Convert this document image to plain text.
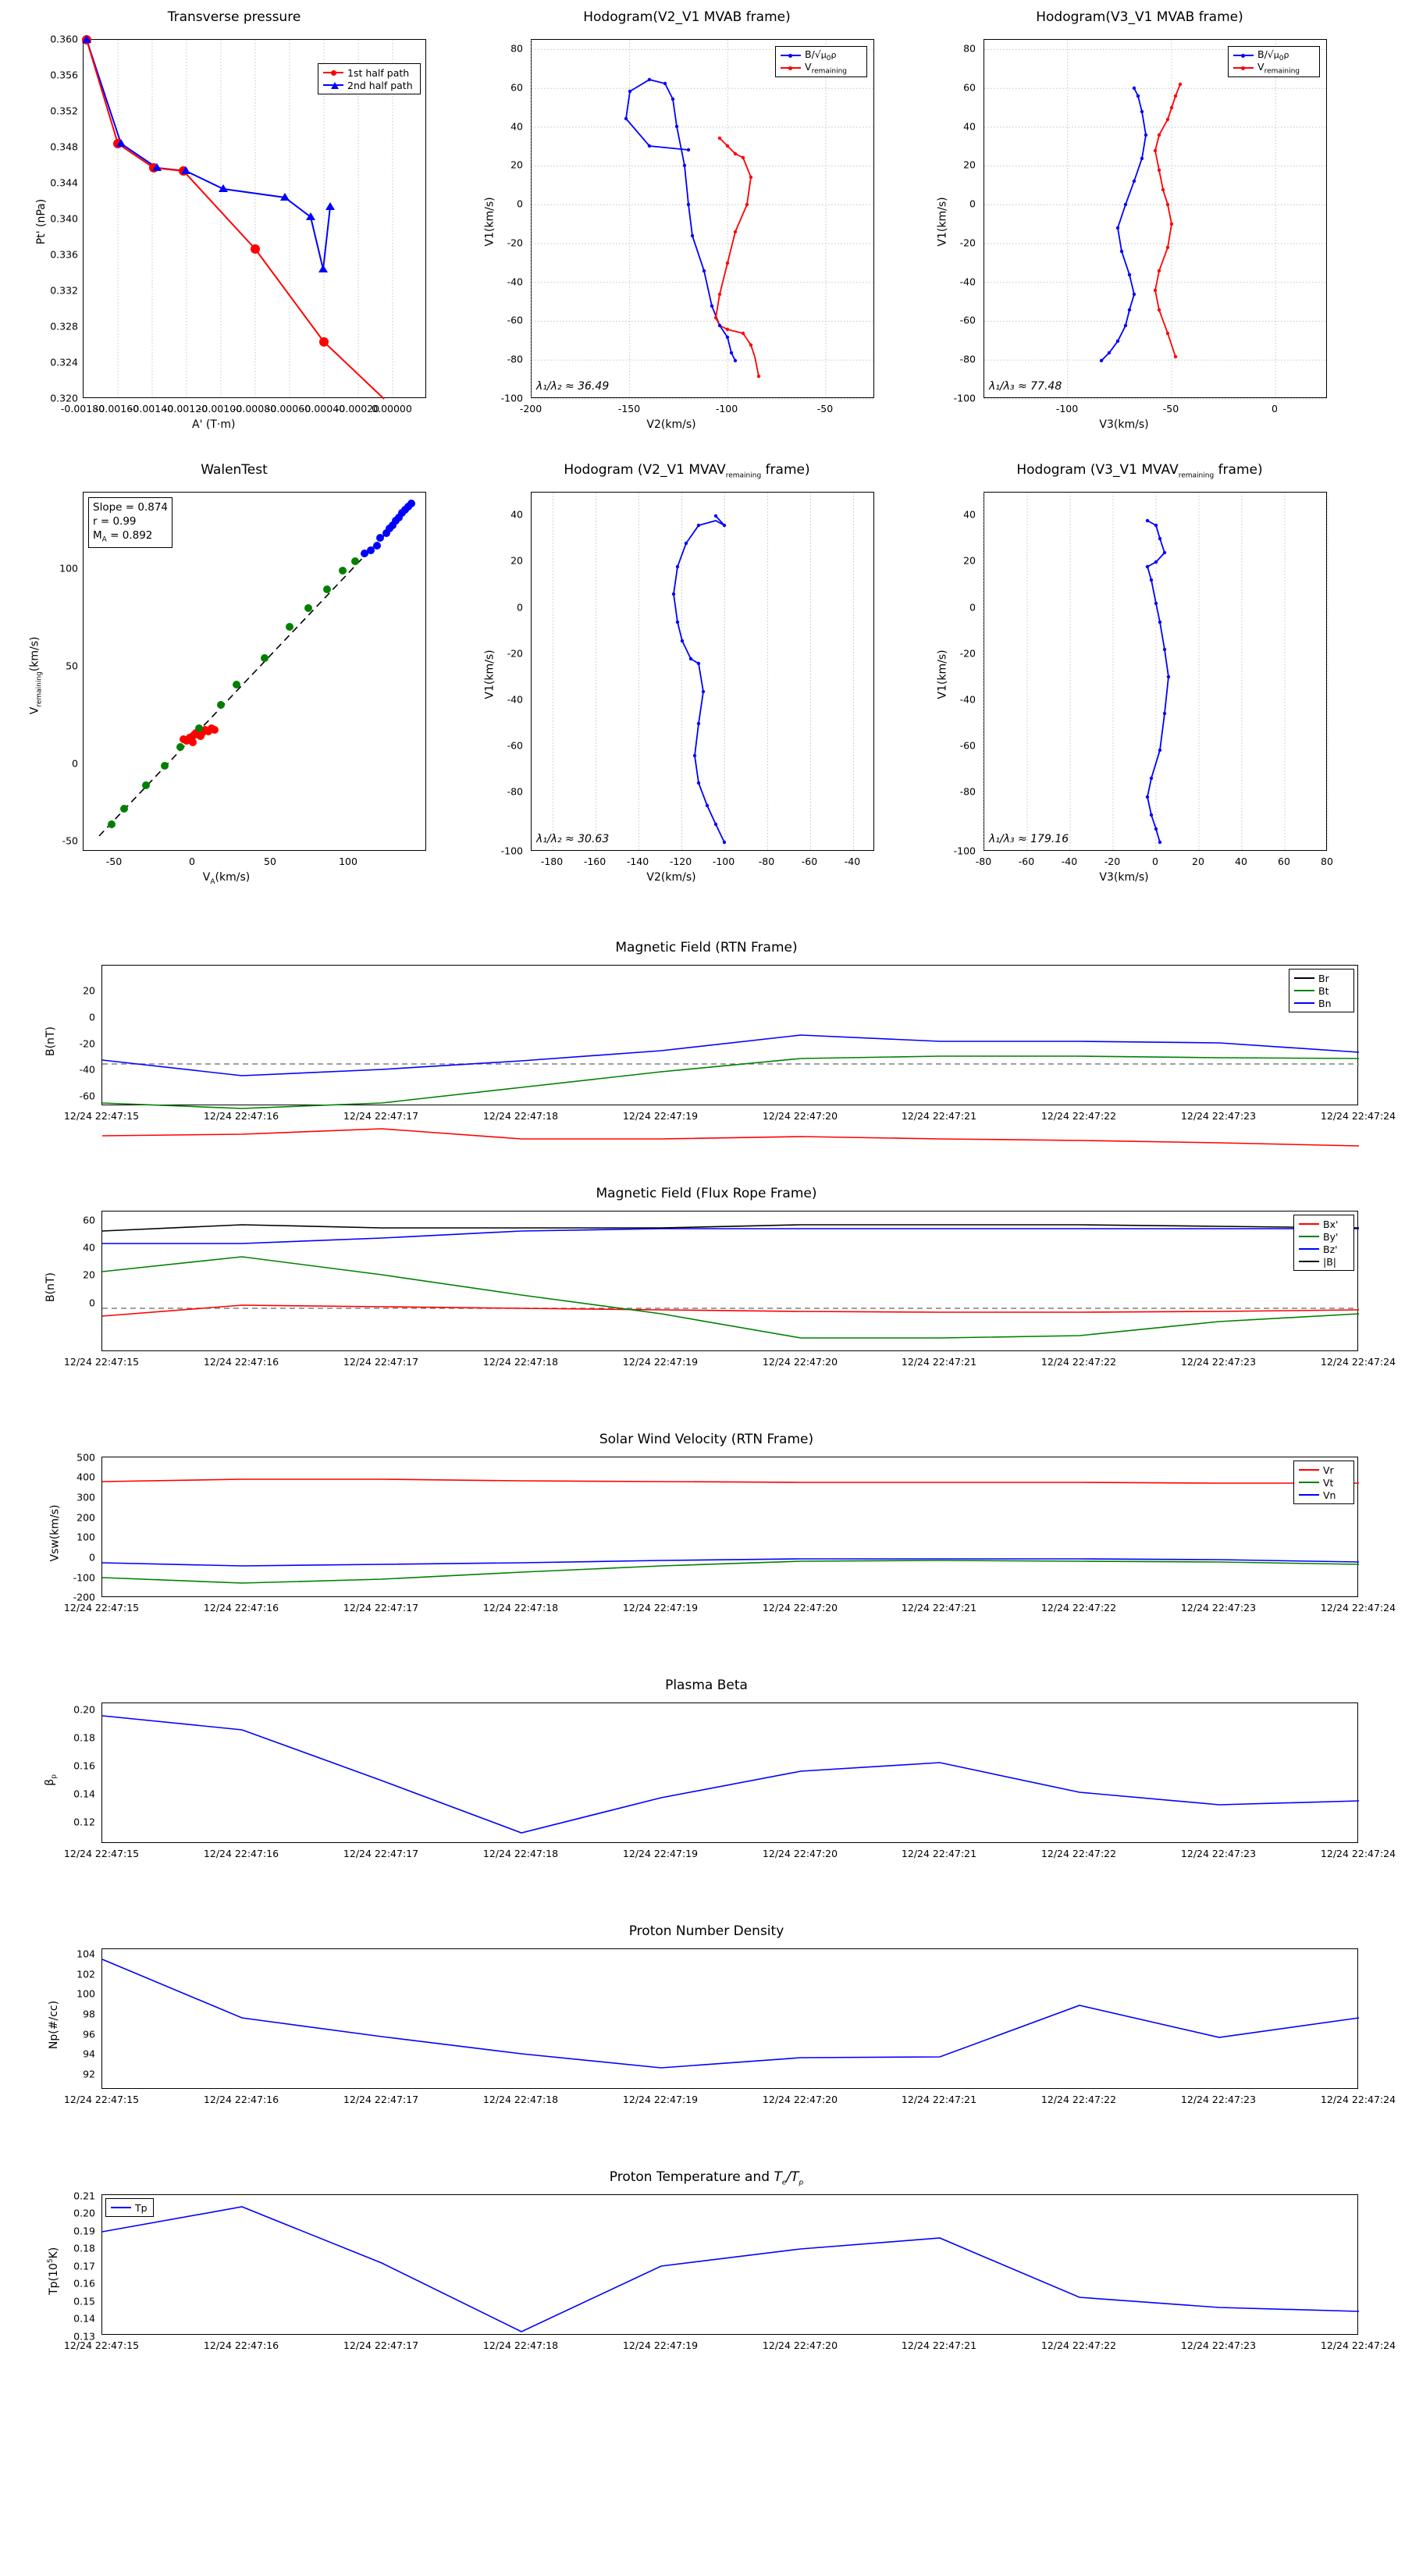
Transverse pressure
1st half path
2nd half path
0.360
0.356
0.352
0.348
0.344
0.340
0.336
0.332
0.328
0.324
0.320
-0.00180
-0.00160
-0.00140
-0.00120
-0.00100
-0.00080
-0.00060
-0.00040
-0.00020
0.00000
A' (T·m)
Pt' (nPa)
Hodogram(V2_V1 MVAB frame)
$B/√\mu_0\rho$
$V_{remaining}$
λ₁/λ₂ ≈ 36.49
80
60
40
20
0
-20
-40
-60
-80
-100
-200	-150	-100	-50
V2(km/s)
V1(km/s)
Hodogram(V3_V1 MVAB frame)
$B/√\mu_0\rho$
$V_{remaining}$
λ₁/λ₃ ≈ 77.48
80
60
40
20
0
-20
-40
-60
-80
-100
-100	-50	0
V3(km/s)
V1(km/s)
WalenTest
Slope = 0.874
r = 0.99
$M_A = 0.892$
100
50
0
-50
-50	0	50	100
$V_A(km/s)$
$V_{remaining}(km/s)$
Hodogram (V2_V1 $MVAV_{remaining}$ frame)
λ₁/λ₂ ≈ 30.63
40
20
0
-20
-40
-60
-80
-100
-180 -160 -140 -120 -100 -80	-60	-40
V2(km/s)
V1(km/s)
Hodogram (V3_V1 $MVAV_{remaining}$ frame)
λ₁/λ₃ ≈ 179.16
40
20
0
-20
-40
-60
-80
-100
-80	-60	-40	-20	0	20	40	60	80
V3(km/s)
V1(km/s)
Magnetic Field (RTN Frame)
Br
Bt
Bn
20
0
-20
-40
-60
B(nT)
12/24 22:47:15	12/24 22:47:16	12/24 22:47:17	12/24 22:47:18	12/24 22:47:19	12/24 22:47:20	12/24 22:47:21	12/24 22:47:22	12/24 22:47:23	12/24 22:47:24
Magnetic Field (Flux Rope Frame)
Bx'
By'
Bz'
|B|
60
40
20
0
B(nT)
12/24 22:47:15	12/24 22:47:16	12/24 22:47:17	12/24 22:47:18	12/24 22:47:19	12/24 22:47:20	12/24 22:47:21	12/24 22:47:22	12/24 22:47:23	12/24 22:47:24
Solar Wind Velocity (RTN Frame)
Vr
Vt
Vn
500
400
300
200
100
0
-100
-200
Vsw(km/s)
12/24 22:47:15	12/24 22:47:16	12/24 22:47:17	12/24 22:47:18	12/24 22:47:19	12/24 22:47:20	12/24 22:47:21	12/24 22:47:22	12/24 22:47:23	12/24 22:47:24
Plasma Beta
0.20
0.18
0.16
0.14
0.12
$\beta_p$
12/24 22:47:15	12/24 22:47:16	12/24 22:47:17	12/24 22:47:18	12/24 22:47:19	12/24 22:47:20	12/24 22:47:21	12/24 22:47:22	12/24 22:47:23	12/24 22:47:24
Proton Number Density
104
102
100
98
96
94
92
Np(#/cc)
12/24 22:47:15	12/24 22:47:16	12/24 22:47:17	12/24 22:47:18	12/24 22:47:19	12/24 22:47:20	12/24 22:47:21	12/24 22:47:22	12/24 22:47:23	12/24 22:47:24
Proton Temperature and $T_e/T_p$
Tp
0.21
0.20
0.19
0.18
0.17
0.16
0.15
0.14
0.13
$Tp(10^5K)$
12/24 22:47:15	12/24 22:47:16	12/24 22:47:17	12/24 22:47:18	12/24 22:47:19	12/24 22:47:20	12/24 22:47:21	12/24 22:47:22	12/24 22:47:23	12/24 22:47:24
